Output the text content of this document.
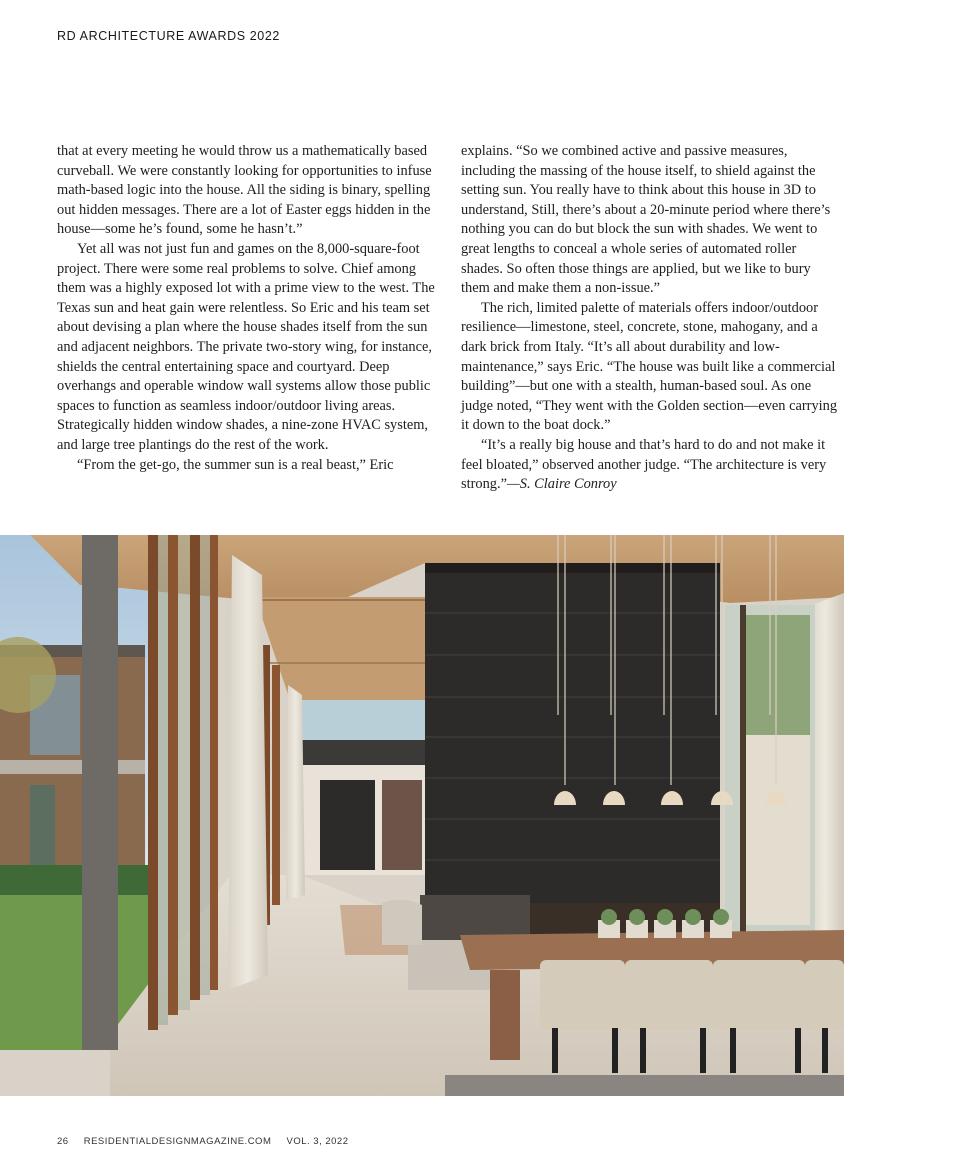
RD ARCHITECTURE AWARDS 2022

that at every meeting he would throw us a mathematically based curveball. We were constantly looking for opportunities to infuse math-based logic into the house. All the siding is binary, spelling out hidden messages. There are a lot of Easter eggs hidden in the house—some he’s found, some he hasn’t.”

Yet all was not just fun and games on the 8,000-square-foot project. There were some real problems to solve. Chief among them was a highly exposed lot with a prime view to the west. The Texas sun and heat gain were relentless. So Eric and his team set about devising a plan where the house shades itself from the sun and adjacent neighbors. The private two-story wing, for instance, shields the central entertaining space and courtyard. Deep overhangs and operable window wall systems allow those public spaces to function as seamless indoor/outdoor living areas. Strategically hidden window shades, a nine-zone HVAC system, and large tree plantings do the rest of the work.

“From the get-go, the summer sun is a real beast,” Eric

explains. “So we combined active and passive measures, including the massing of the house itself, to shield against the setting sun. You really have to think about this house in 3D to understand, Still, there’s about a 20-minute period where there’s nothing you can do but block the sun with shades. We went to great lengths to conceal a whole series of automated roller shades. So often those things are applied, but we like to bury them and make them a non-issue.”

The rich, limited palette of materials offers indoor/outdoor resilience—limestone, steel, concrete, stone, mahogany, and a dark brick from Italy. “It’s all about durability and low-maintenance,” says Eric. “The house was built like a commercial building”—but one with a stealth, human-based soul. As one judge noted, “They went with the Golden section—even carrying it down to the boat dock.”

“It’s a really big house and that’s hard to do and not make it feel bloated,” observed another judge. “The architecture is very strong.”—S. Claire Conroy

26 RESIDENTIALDESIGNMAGAZINE.COM VOL. 3, 2022
